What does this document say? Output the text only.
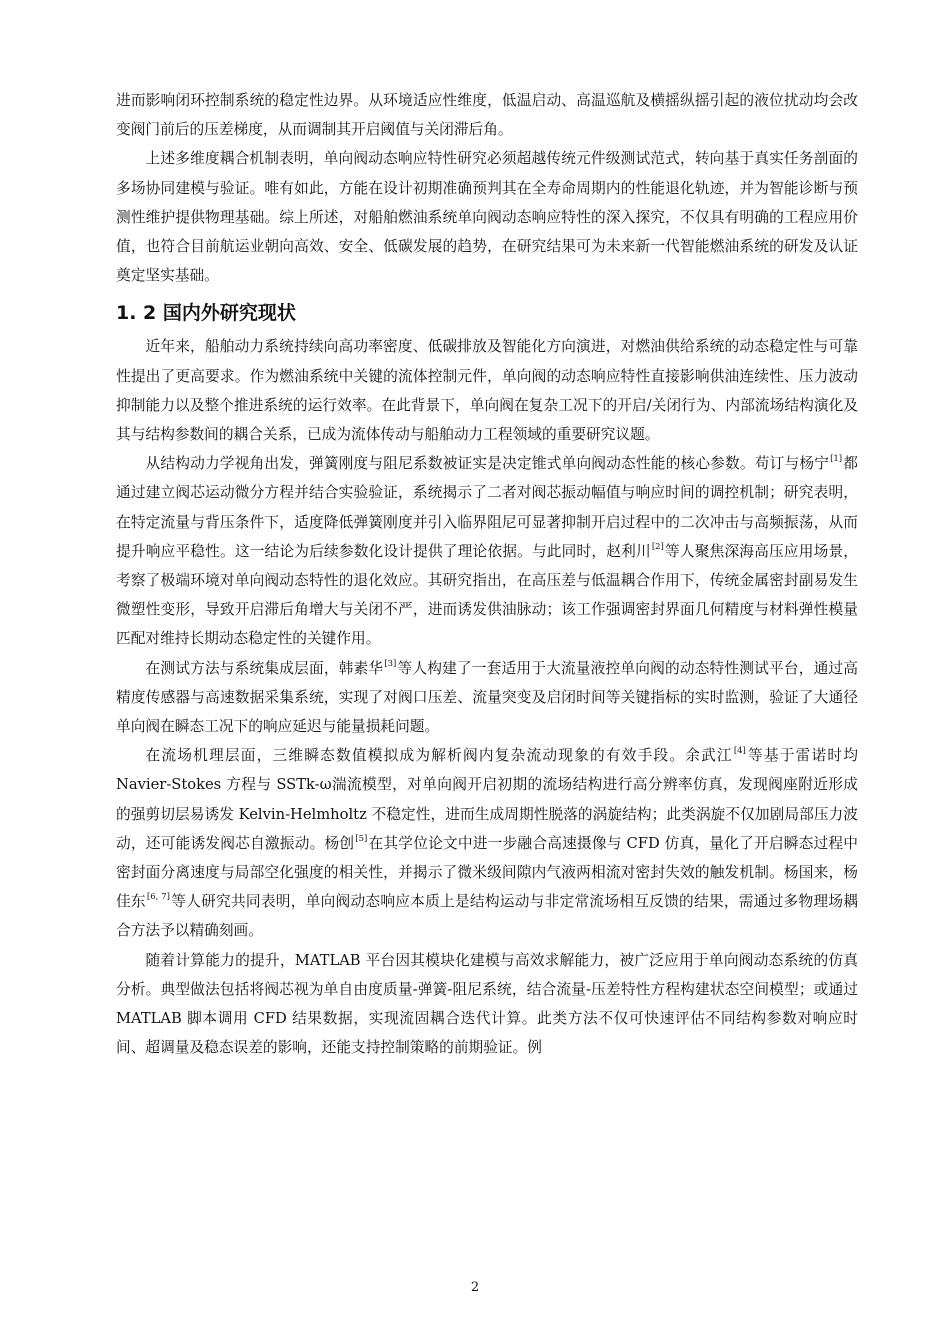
进而影响闭环控制系统的稳定性边界。从环境适应性维度，低温启动、高温巡航及横摇纵摇引起的液位扰动均会改变阀门前后的压差梯度，从而调制其开启阈值与关闭滞后角。

上述多维度耦合机制表明，单向阀动态响应特性研究必须超越传统元件级测试范式，转向基于真实任务剖面的多场协同建模与验证。唯有如此，方能在设计初期准确预判其在全寿命周期内的性能退化轨迹，并为智能诊断与预测性维护提供物理基础。综上所述，对船舶燃油系统单向阀动态响应特性的深入探究，不仅具有明确的工程应用价值，也符合目前航运业朝向高效、安全、低碳发展的趋势，在研究结果可为未来新一代智能燃油系统的研发及认证奠定坚实基础。

1. 2 国内外研究现状

近年来，船舶动力系统持续向高功率密度、低碳排放及智能化方向演进，对燃油供给系统的动态稳定性与可靠性提出了更高要求。作为燃油系统中关键的流体控制元件，单向阀的动态响应特性直接影响供油连续性、压力波动抑制能力以及整个推进系统的运行效率。在此背景下，单向阀在复杂工况下的开启/关闭行为、内部流场结构演化及其与结构参数间的耦合关系，已成为流体传动与船舶动力工程领域的重要研究议题。

从结构动力学视角出发，弹簧刚度与阻尼系数被证实是决定锥式单向阀动态性能的核心参数。苟订与杨宁[1]都通过建立阀芯运动微分方程并结合实验验证，系统揭示了二者对阀芯振动幅值与响应时间的调控机制；研究表明，在特定流量与背压条件下，适度降低弹簧刚度并引入临界阻尼可显著抑制开启过程中的二次冲击与高频振荡，从而提升响应平稳性。这一结论为后续参数化设计提供了理论依据。与此同时，赵利川[2]等人聚焦深海高压应用场景，考察了极端环境对单向阀动态特性的退化效应。其研究指出，在高压差与低温耦合作用下，传统金属密封副易发生微塑性变形，导致开启滞后角增大与关闭不严，进而诱发供油脉动；该工作强调密封界面几何精度与材料弹性模量匹配对维持长期动态稳定性的关键作用。

在测试方法与系统集成层面，韩素华[3]等人构建了一套适用于大流量液控单向阀的动态特性测试平台，通过高精度传感器与高速数据采集系统，实现了对阀口压差、流量突变及启闭时间等关键指标的实时监测，验证了大通径单向阀在瞬态工况下的响应延迟与能量损耗问题。

在流场机理层面，三维瞬态数值模拟成为解析阀内复杂流动现象的有效手段。余武江[4]等基于雷诺时均 Navier-Stokes 方程与 SSTk-ω湍流模型，对单向阀开启初期的流场结构进行高分辨率仿真，发现阀座附近形成的强剪切层易诱发 Kelvin-Helmholtz 不稳定性，进而生成周期性脱落的涡旋结构；此类涡旋不仅加剧局部压力波动，还可能诱发阀芯自激振动。杨创[5]在其学位论文中进一步融合高速摄像与 CFD 仿真，量化了开启瞬态过程中密封面分离速度与局部空化强度的相关性，并揭示了微米级间隙内气液两相流对密封失效的触发机制。杨国来，杨佳东[6, 7]等人研究共同表明，单向阀动态响应本质上是结构运动与非定常流场相互反馈的结果，需通过多物理场耦合方法予以精确刻画。

随着计算能力的提升，MATLAB 平台因其模块化建模与高效求解能力，被广泛应用于单向阀动态系统的仿真分析。典型做法包括将阀芯视为单自由度质量-弹簧-阻尼系统，结合流量-压差特性方程构建状态空间模型；或通过 MATLAB 脚本调用 CFD 结果数据，实现流固耦合迭代计算。此类方法不仅可快速评估不同结构参数对响应时间、超调量及稳态误差的影响，还能支持控制策略的前期验证。例

2
